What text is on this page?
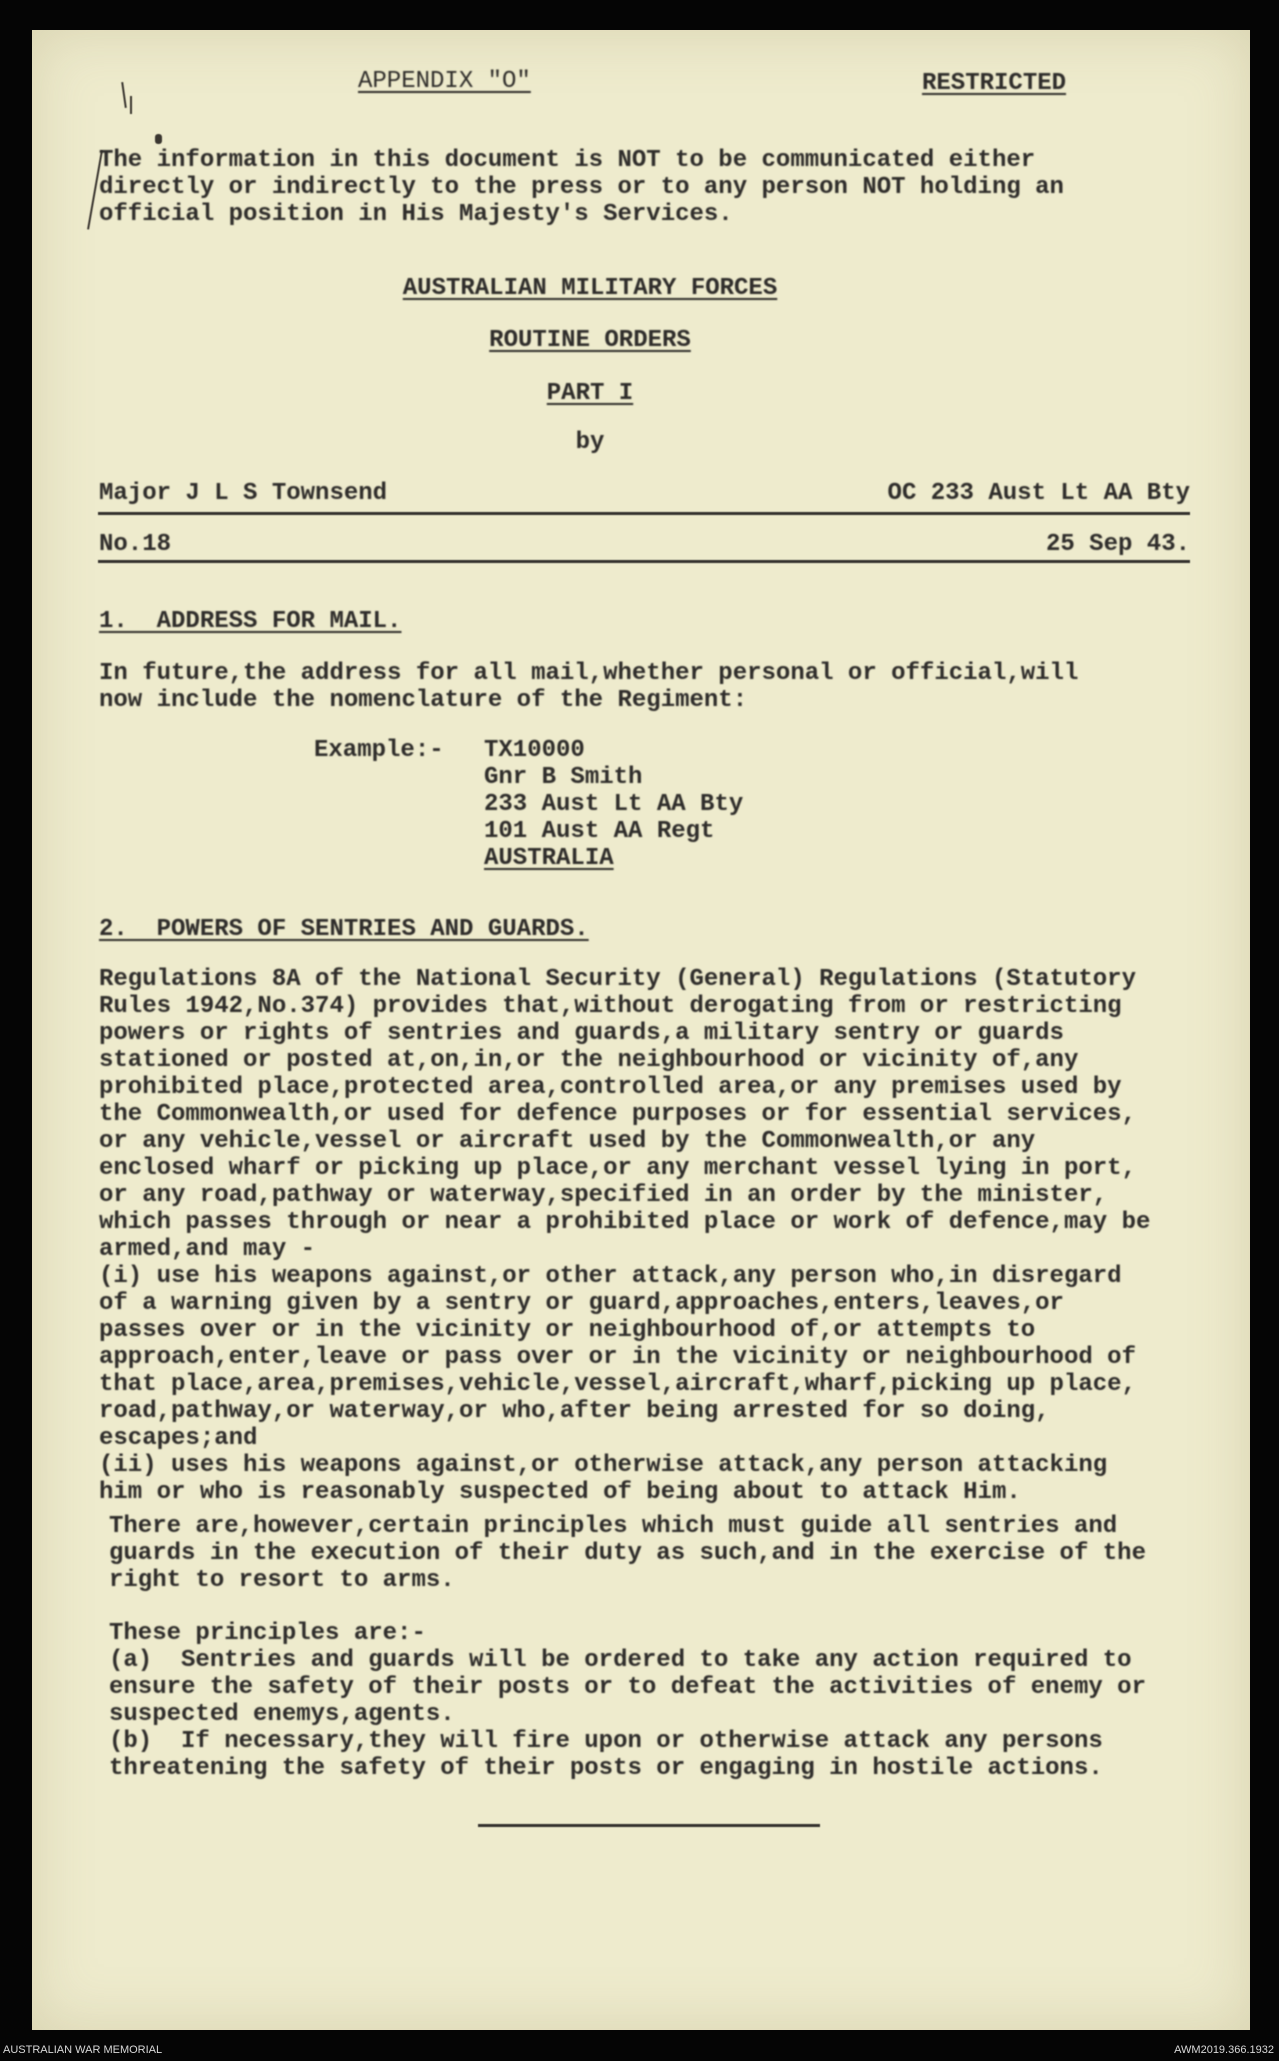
APPENDIX "O"	RESTRICTED
The information in this document is NOT to be communicated either
directly or indirectly to the press or to any person NOT holding an
official position in His Majesty's Services.
AUSTRALIAN MILITARY FORCES
ROUTINE ORDERS
PART I
by
Major J L S Townsend	OC 233 Aust Lt AA Bty
No.18	25 Sep 43.
1.  ADDRESS FOR MAIL.
In future,the address for all mail,whether personal or official,will
now include the nomenclature of the Regiment:
Example:- TX10000
Gnr B Smith
233 Aust Lt AA Bty
101 Aust AA Regt
AUSTRALIA
2.  POWERS OF SENTRIES AND GUARDS.
Regulations 8A of the National Security (General) Regulations (Statutory
Rules 1942,No.374) provides that,without derogating from or restricting
powers or rights of sentries and guards,a military sentry or guards
stationed or posted at,on,in,or the neighbourhood or vicinity of,any
prohibited place,protected area,controlled area,or any premises used by
the Commonwealth,or used for defence purposes or for essential services,
or any vehicle,vessel or aircraft used by the Commonwealth,or any
enclosed wharf or picking up place,or any merchant vessel lying in port,
or any road,pathway or waterway,specified in an order by the minister,
which passes through or near a prohibited place or work of defence,may be
armed,and may -
(i) use his weapons against,or other attack,any person who,in disregard
of a warning given by a sentry or guard,approaches,enters,leaves,or
passes over or in the vicinity or neighbourhood of,or attempts to
approach,enter,leave or pass over or in the vicinity or neighbourhood of
that place,area,premises,vehicle,vessel,aircraft,wharf,picking up place,
road,pathway,or waterway,or who,after being arrested for so doing,
escapes;and
(ii) uses his weapons against,or otherwise attack,any person attacking
him or who is reasonably suspected of being about to attack Him.
There are,however,certain principles which must guide all sentries and
guards in the execution of their duty as such,and in the exercise of the
right to resort to arms.
These principles are:-
(a)  Sentries and guards will be ordered to take any action required to
ensure the safety of their posts or to defeat the activities of enemy or
suspected enemys,agents.
(b)  If necessary,they will fire upon or otherwise attack any persons
threatening the safety of their posts or engaging in hostile actions.
AUSTRALIAN WAR MEMORIAL	AWM2019.366.1932
